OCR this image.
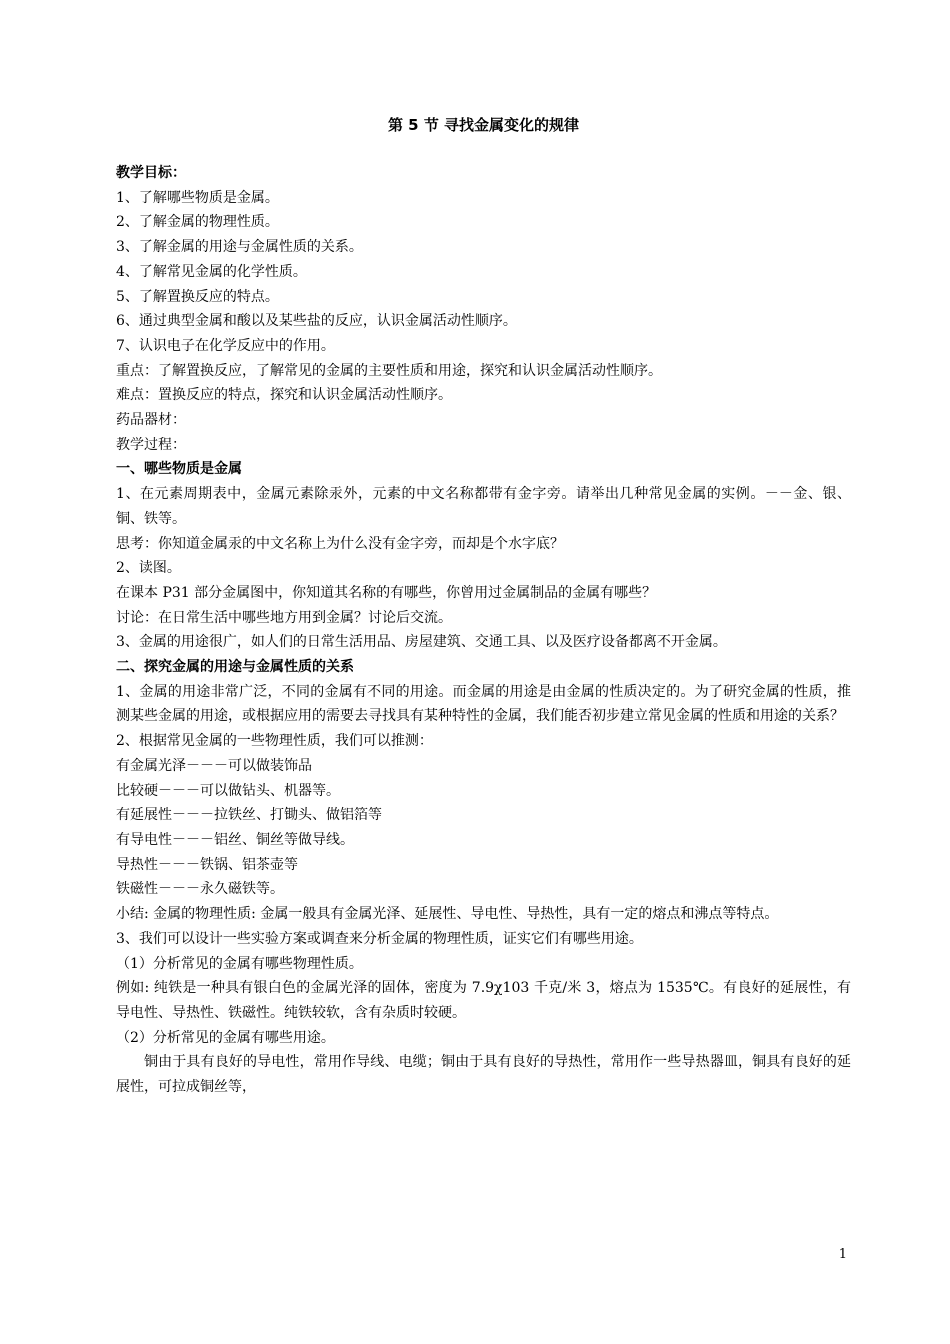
第 5 节 寻找金属变化的规律

教学目标：

1、了解哪些物质是金属。

2、了解金属的物理性质。

3、了解金属的用途与金属性质的关系。

4、了解常见金属的化学性质。

5、了解置换反应的特点。

6、通过典型金属和酸以及某些盐的反应，认识金属活动性顺序。

7、认识电子在化学反应中的作用。

重点：了解置换反应，了解常见的金属的主要性质和用途，探究和认识金属活动性顺序。

难点：置换反应的特点，探究和认识金属活动性顺序。

药品器材：

教学过程：

一、哪些物质是金属

1、在元素周期表中，金属元素除汞外，元素的中文名称都带有金字旁。请举出几种常见金属的实例。－－金、银、铜、铁等。

思考：你知道金属汞的中文名称上为什么没有金字旁，而却是个水字底？

2、读图。

在课本 P31 部分金属图中，你知道其名称的有哪些，你曾用过金属制品的金属有哪些？

讨论：在日常生活中哪些地方用到金属？讨论后交流。

3、金属的用途很广，如人们的日常生活用品、房屋建筑、交通工具、以及医疗设备都离不开金属。

二、探究金属的用途与金属性质的关系

1、金属的用途非常广泛，不同的金属有不同的用途。而金属的用途是由金属的性质决定的。为了研究金属的性质，推测某些金属的用途，或根据应用的需要去寻找具有某种特性的金属，我们能否初步建立常见金属的性质和用途的关系？

2、根据常见金属的一些物理性质，我们可以推测：

有金属光泽－－－可以做装饰品

比较硬－－－可以做钻头、机器等。

有延展性－－－拉铁丝、打锄头、做铝箔等

有导电性－－－铝丝、铜丝等做导线。

导热性－－－铁锅、铝茶壶等

铁磁性－－－永久磁铁等。

小结: 金属的物理性质: 金属一般具有金属光泽、延展性、导电性、导热性，具有一定的熔点和沸点等特点。

3、我们可以设计一些实验方案或调查来分析金属的物理性质，证实它们有哪些用途。

（1）分析常见的金属有哪些物理性质。

例如: 纯铁是一种具有银白色的金属光泽的固体，密度为 7.9χ103 千克/米 3，熔点为 1535℃。有良好的延展性，有导电性、导热性、铁磁性。纯铁较软，含有杂质时较硬。

（2）分析常见的金属有哪些用途。

铜由于具有良好的导电性，常用作导线、电缆；铜由于具有良好的导热性，常用作一些导热器皿，铜具有良好的延展性，可拉成铜丝等，

1
